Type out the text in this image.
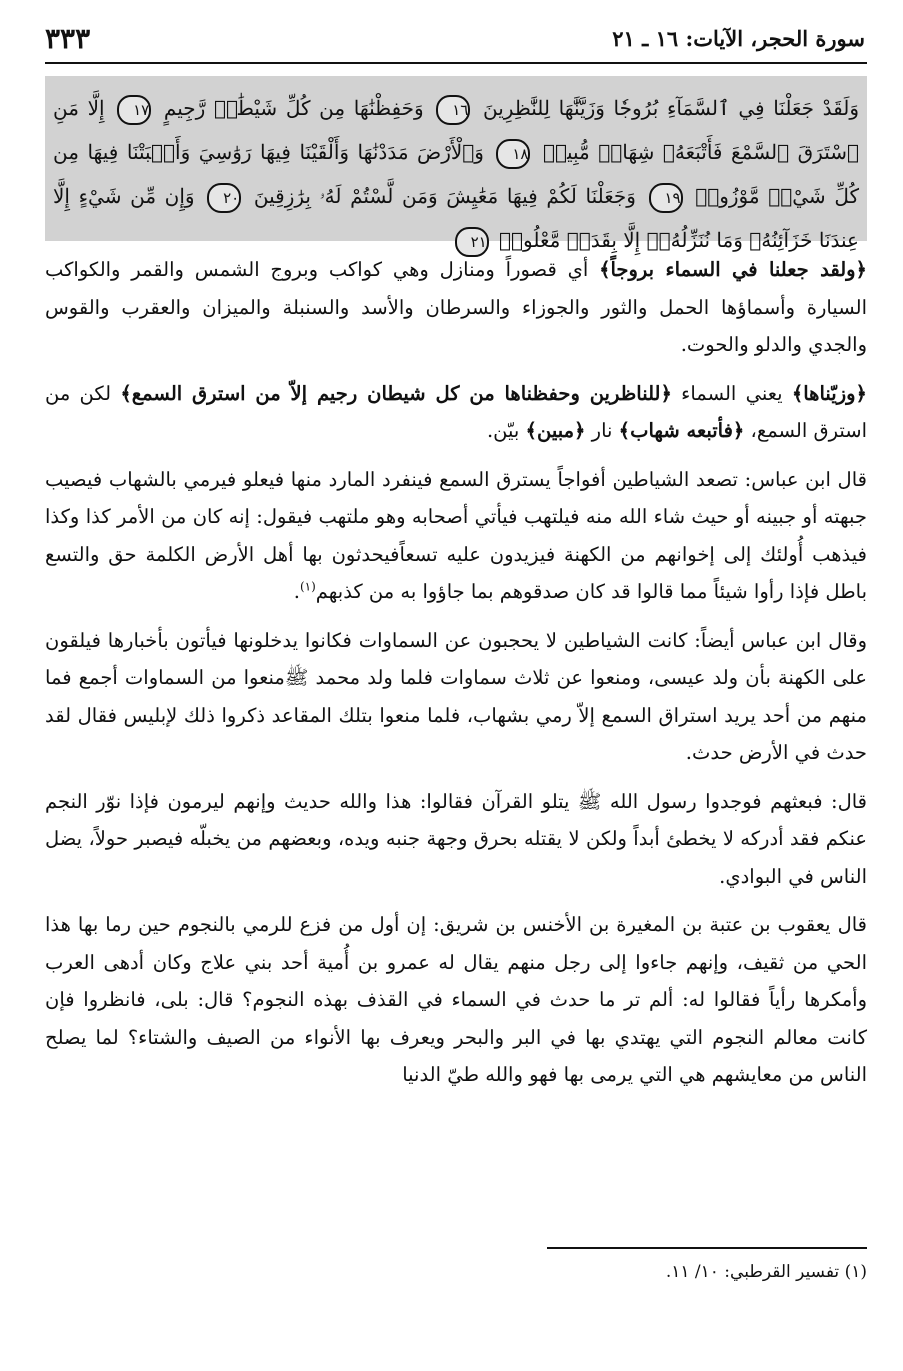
سورة الحجر، الآيات: ١٦ ـ ٢١
٣٣٣
وَلَقَدْ جَعَلْنَا فِي ٱلسَّمَآءِ بُرُوجٗا وَزَيَّنَّٰهَا لِلنَّٰظِرِينَ ١٦ وَحَفِظْنَٰهَا مِن كُلِّ شَيْطَٰنٖ رَّجِيمٍ ١٧ إِلَّا مَنِ ٱسْتَرَقَ ٱلسَّمْعَ فَأَتْبَعَهُۥ شِهَابٞ مُّبِينٞ ١٨ وَٱلْأَرْضَ مَدَدْنَٰهَا وَأَلْقَيْنَا فِيهَا رَوَٰسِيَ وَأَنۢبَتْنَا فِيهَا مِن كُلِّ شَيْءٖ مَّوْزُونٖ ١٩ وَجَعَلْنَا لَكُمْ فِيهَا مَعَٰيِشَ وَمَن لَّسْتُمْ لَهُۥ بِرَٰزِقِينَ ٢٠ وَإِن مِّن شَيْءٍ إِلَّا عِندَنَا خَزَآئِنُهُۥ وَمَا نُنَزِّلُهُۥٓ إِلَّا بِقَدَرٖ مَّعْلُومٖ ٢١

﴿ولقد جعلنا في السماء بروجاً﴾ أي قصوراً ومنازل وهي كواكب وبروج الشمس والقمر والكواكب السيارة وأسماؤها الحمل والثور والجوزاء والسرطان والأسد والسنبلة والميزان والعقرب والقوس والجدي والدلو والحوت.

﴿وزيّناها﴾ يعني السماء ﴿للناظرين وحفظناها من كل شيطان رجيم إلاّ من استرق السمع﴾ لكن من استرق السمع، ﴿فأتبعه شهاب﴾ نار ﴿مبين﴾ بيّن.

قال ابن عباس: تصعد الشياطين أفواجاً يسترق السمع فينفرد المارد منها فيعلو فيرمي بالشهاب فيصيب جبهته أو جبينه أو حيث شاء الله منه فيلتهب فيأتي أصحابه وهو ملتهب فيقول: إنه كان من الأمر كذا وكذا فيذهب أُولئك إلى إخوانهم من الكهنة فيزيدون عليه تسعاًفيحدثون بها أهل الأرض الكلمة حق والتسع باطل فإذا رأوا شيئاً مما قالوا قد كان صدقوهم بما جاؤوا به من كذبهم$^{(١)}$.

وقال ابن عباس أيضاً: كانت الشياطين لا يحجبون عن السماوات فكانوا يدخلونها فيأتون بأخبارها فيلقون على الكهنة بأن ولد عيسى، ومنعوا عن ثلاث سماوات فلما ولد محمد ﷺمنعوا من السماوات أجمع فما منهم من أحد يريد استراق السمع إلاّ رمي بشهاب، فلما منعوا بتلك المقاعد ذكروا ذلك لإبليس فقال لقد حدث في الأرض حدث.

قال: فبعثهم فوجدوا رسول الله ﷺ يتلو القرآن فقالوا: هذا والله حديث وإنهم ليرمون فإذا نوّر النجم عنكم فقد أدركه لا يخطئ أبداً ولكن لا يقتله بحرق وجهة جنبه ويده، وبعضهم من يخبلّه فيصبر حولاً، يضل الناس في البوادي.

قال يعقوب بن عتبة بن المغيرة بن الأخنس بن شريق: إن أول من فزع للرمي بالنجوم حين رما بها هذا الحي من ثقيف، وإنهم جاءوا إلى رجل منهم يقال له عمرو بن أُمية أحد بني علاج وكان أدهى العرب وأمكرها رأياً فقالوا له: ألم تر ما حدث في السماء في القذف بهذه النجوم؟ قال: بلى، فانظروا فإن كانت معالم النجوم التي يهتدي بها في البر والبحر ويعرف بها الأنواء من الصيف والشتاء؟ لما يصلح الناس من معايشهم هي التي يرمى بها فهو والله طيّ الدنيا

(١) تفسير القرطبي: ١٠/ ١١.
